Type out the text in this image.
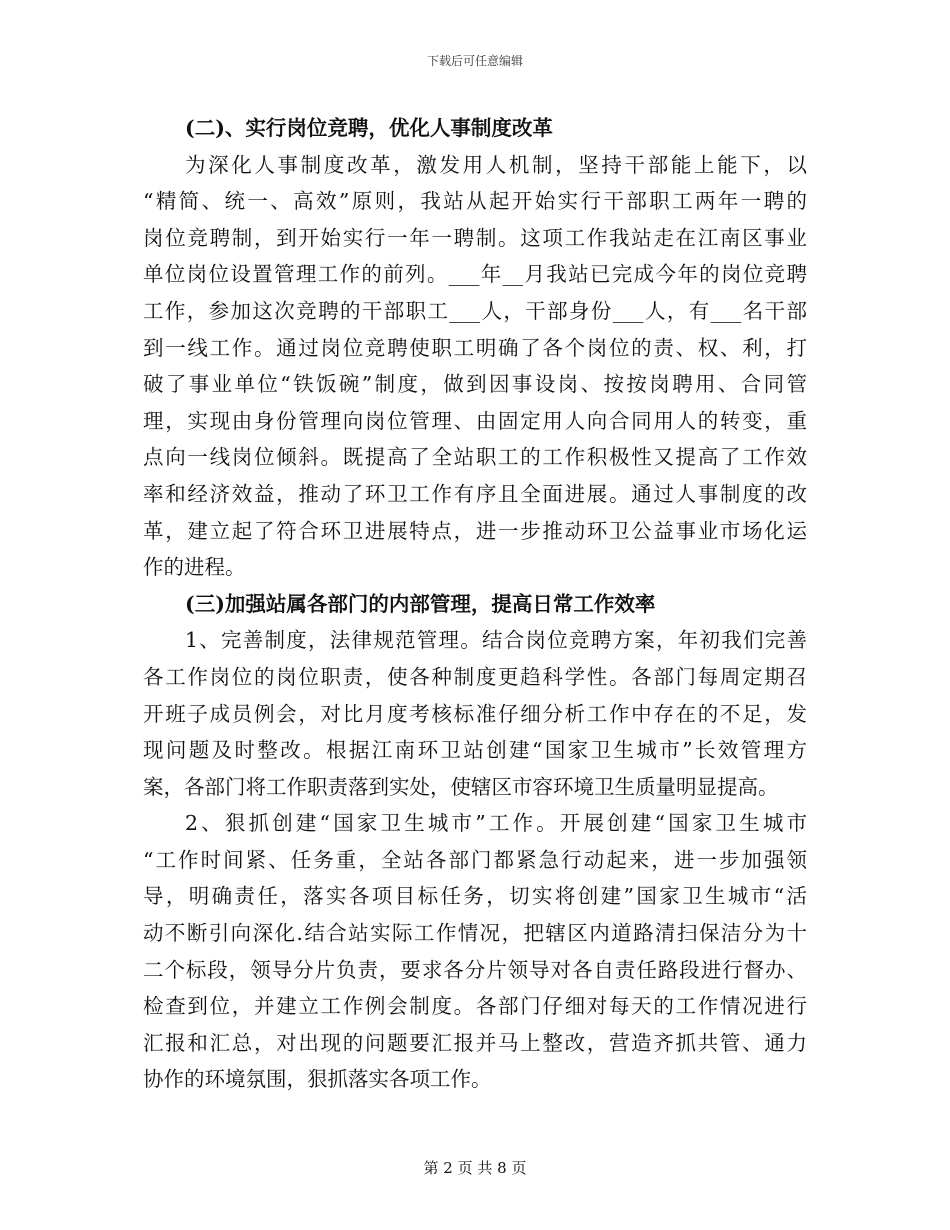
下载后可任意编辑
(二)、实行岗位竞聘，优化人事制度改革
为深化人事制度改革，激发用人机制，坚持干部能上能下，以
“精简、统一、高效”原则，我站从起开始实行干部职工两年一聘的
岗位竞聘制，到开始实行一年一聘制。这项工作我站走在江南区事业
单位岗位设置管理工作的前列。___年__月我站已完成今年的岗位竞聘
工作，参加这次竞聘的干部职工___人，干部身份___人，有___名干部
到一线工作。通过岗位竞聘使职工明确了各个岗位的责、权、利，打
破了事业单位“铁饭碗”制度，做到因事设岗、按按岗聘用、合同管
理，实现由身份管理向岗位管理、由固定用人向合同用人的转变，重
点向一线岗位倾斜。既提高了全站职工的工作积极性又提高了工作效
率和经济效益，推动了环卫工作有序且全面进展。通过人事制度的改
革，建立起了符合环卫进展特点，进一步推动环卫公益事业市场化运
作的进程。
(三)加强站属各部门的内部管理，提高日常工作效率
1、完善制度，法律规范管理。结合岗位竞聘方案，年初我们完善
各工作岗位的岗位职责，使各种制度更趋科学性。各部门每周定期召
开班子成员例会，对比月度考核标准仔细分析工作中存在的不足，发
现问题及时整改。根据江南环卫站创建“国家卫生城市”长效管理方
案，各部门将工作职责落到实处，使辖区市容环境卫生质量明显提高。
2、狠抓创建“国家卫生城市”工作。开展创建“国家卫生城市
“工作时间紧、任务重，全站各部门都紧急行动起来，进一步加强领
导，明确责任，落实各项目标任务，切实将创建”国家卫生城市“活
动不断引向深化.结合站实际工作情况，把辖区内道路清扫保洁分为十
二个标段，领导分片负责，要求各分片领导对各自责任路段进行督办、
检查到位，并建立工作例会制度。各部门仔细对每天的工作情况进行
汇报和汇总，对出现的问题要汇报并马上整改，营造齐抓共管、通力
协作的环境氛围，狠抓落实各项工作。
第 2 页 共 8 页
